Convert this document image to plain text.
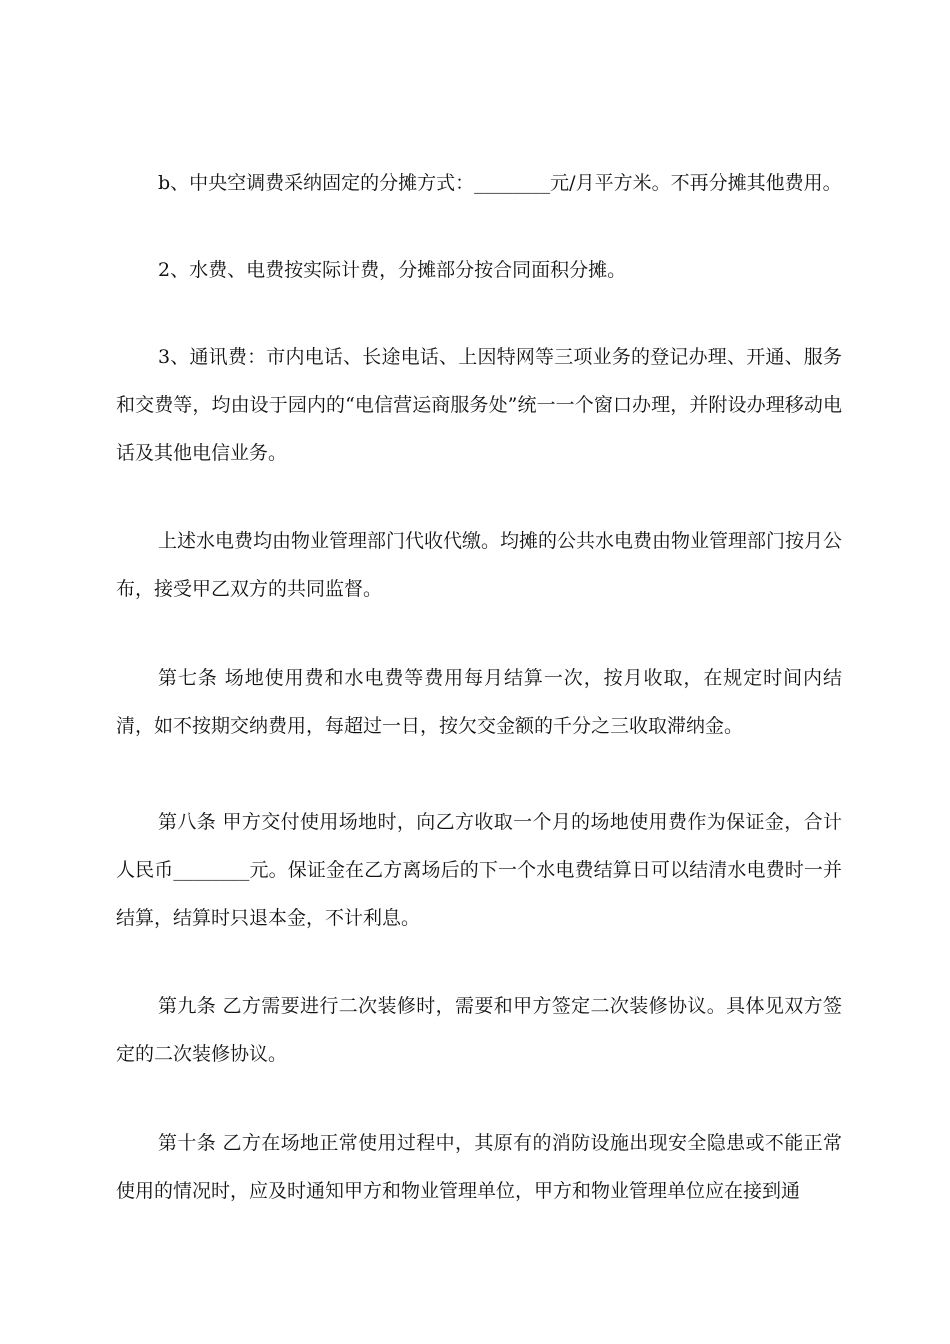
b、中央空调费采纳固定的分摊方式：________元/月平方米。不再分摊其他费用。

2、水费、电费按实际计费，分摊部分按合同面积分摊。

3、通讯费：市内电话、长途电话、上因特网等三项业务的登记办理、开通、服务和交费等，均由设于园内的“电信营运商服务处”统一一个窗口办理，并附设办理移动电话及其他电信业务。

上述水电费均由物业管理部门代收代缴。均摊的公共水电费由物业管理部门按月公布，接受甲乙双方的共同监督。

第七条 场地使用费和水电费等费用每月结算一次，按月收取，在规定时间内结清，如不按期交纳费用，每超过一日，按欠交金额的千分之三收取滞纳金。

第八条 甲方交付使用场地时，向乙方收取一个月的场地使用费作为保证金，合计人民币________元。保证金在乙方离场后的下一个水电费结算日可以结清水电费时一并结算，结算时只退本金，不计利息。

第九条 乙方需要进行二次装修时，需要和甲方签定二次装修协议。具体见双方签定的二次装修协议。

第十条 乙方在场地正常使用过程中，其原有的消防设施出现安全隐患或不能正常使用的情况时，应及时通知甲方和物业管理单位，甲方和物业管理单位应在接到通
